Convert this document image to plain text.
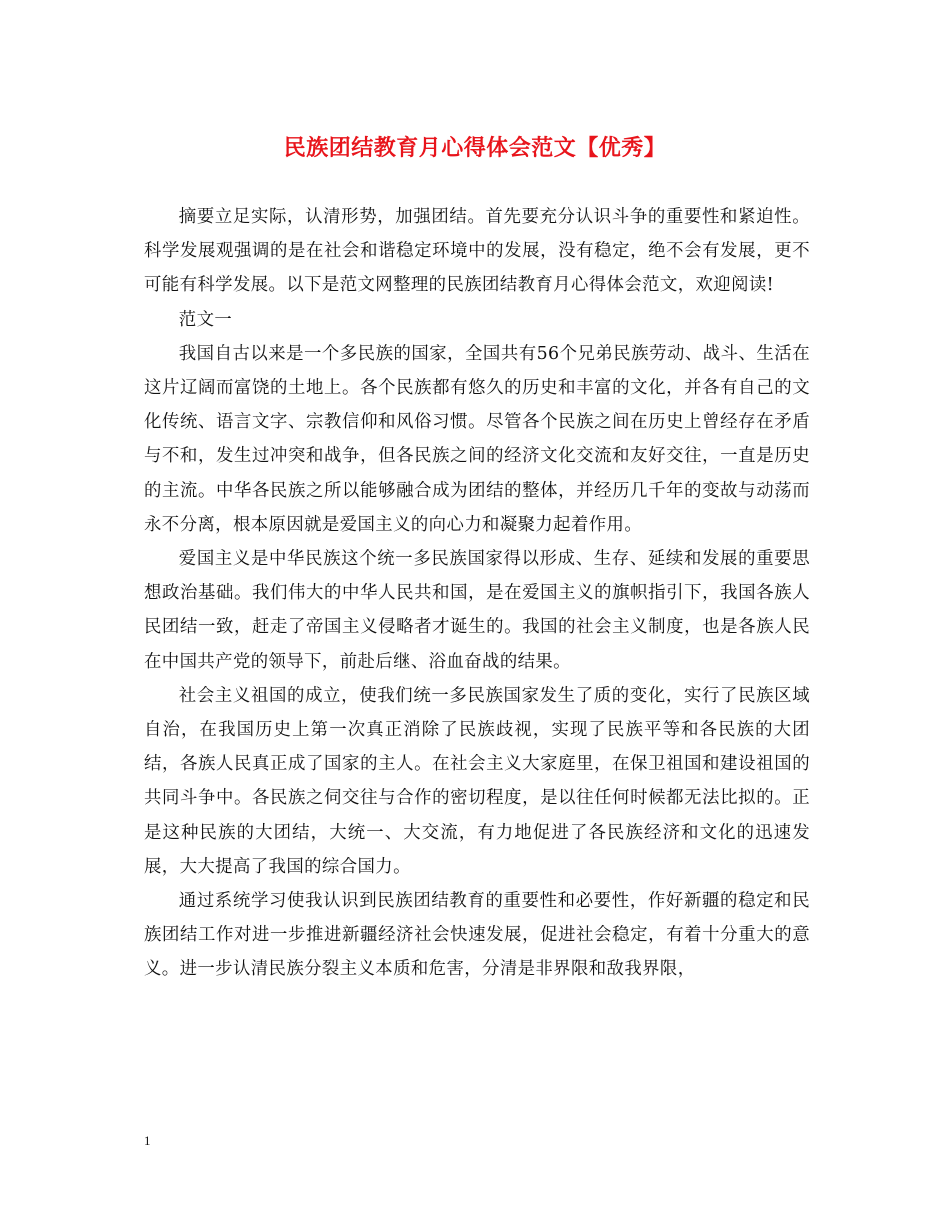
民族团结教育月心得体会范文【优秀】

摘要立足实际，认清形势，加强团结。首先要充分认识斗争的重要性和紧迫性。科学发展观强调的是在社会和谐稳定环境中的发展，没有稳定，绝不会有发展，更不可能有科学发展。以下是范文网整理的民族团结教育月心得体会范文，欢迎阅读!

范文一

我国自古以来是一个多民族的国家，全国共有56个兄弟民族劳动、战斗、生活在这片辽阔而富饶的土地上。各个民族都有悠久的历史和丰富的文化，并各有自己的文化传统、语言文字、宗教信仰和风俗习惯。尽管各个民族之间在历史上曾经存在矛盾与不和，发生过冲突和战争，但各民族之间的经济文化交流和友好交往，一直是历史的主流。中华各民族之所以能够融合成为团结的整体，并经历几千年的变故与动荡而永不分离，根本原因就是爱国主义的向心力和凝聚力起着作用。

爱国主义是中华民族这个统一多民族国家得以形成、生存、延续和发展的重要思想政治基础。我们伟大的中华人民共和国，是在爱国主义的旗帜指引下，我国各族人民团结一致，赶走了帝国主义侵略者才诞生的。我国的社会主义制度，也是各族人民在中国共产党的领导下，前赴后继、浴血奋战的结果。

社会主义祖国的成立，使我们统一多民族国家发生了质的变化，实行了民族区域自治，在我国历史上第一次真正消除了民族歧视，实现了民族平等和各民族的大团结，各族人民真正成了国家的主人。在社会主义大家庭里，在保卫祖国和建设祖国的共同斗争中。各民族之伺交往与合作的密切程度，是以往任何时候都无法比拟的。正是这种民族的大团结，大统一、大交流，有力地促进了各民族经济和文化的迅速发展，大大提高了我国的综合国力。

通过系统学习使我认识到民族团结教育的重要性和必要性，作好新疆的稳定和民族团结工作对进一步推进新疆经济社会快速发展，促进社会稳定，有着十分重大的意义。进一步认清民族分裂主义本质和危害，分清是非界限和敌我界限，

1
